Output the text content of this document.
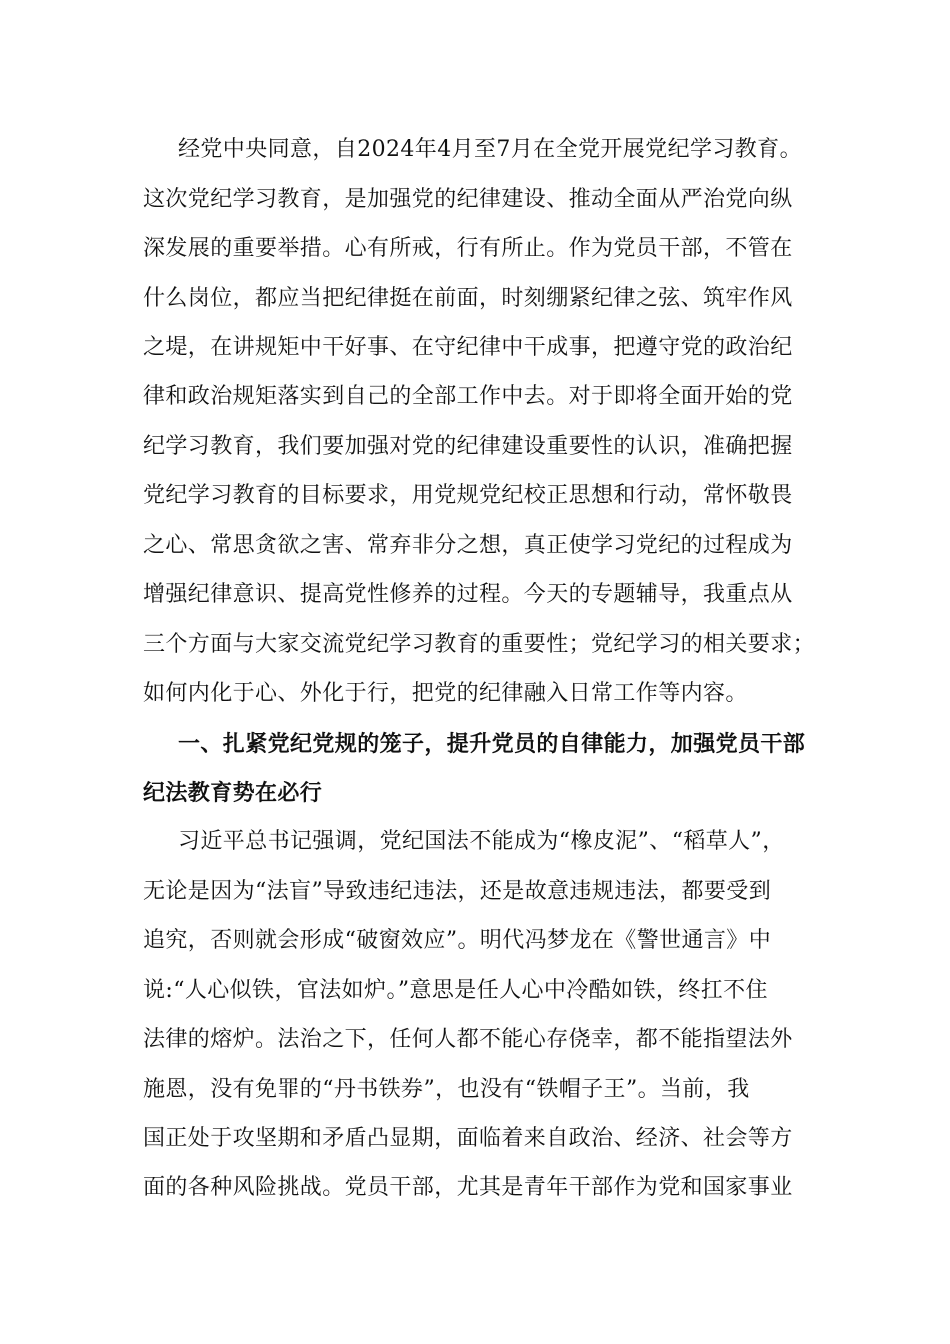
经党中央同意，自2024年4月至7月在全党开展党纪学习教育。
这次党纪学习教育，是加强党的纪律建设、推动全面从严治党向纵
深发展的重要举措。心有所戒，行有所止。作为党员干部，不管在
什么岗位，都应当把纪律挺在前面，时刻绷紧纪律之弦、筑牢作风
之堤，在讲规矩中干好事、在守纪律中干成事，把遵守党的政治纪
律和政治规矩落实到自己的全部工作中去。对于即将全面开始的党
纪学习教育，我们要加强对党的纪律建设重要性的认识，准确把握
党纪学习教育的目标要求，用党规党纪校正思想和行动，常怀敬畏
之心、常思贪欲之害、常弃非分之想，真正使学习党纪的过程成为
增强纪律意识、提高党性修养的过程。今天的专题辅导，我重点从
三个方面与大家交流党纪学习教育的重要性；党纪学习的相关要求；
如何内化于心、外化于行，把党的纪律融入日常工作等内容。
一、扎紧党纪党规的笼子，提升党员的自律能力，加强党员干部
纪法教育势在必行
习近平总书记强调，党纪国法不能成为“橡皮泥”、“稻草人”，
无论是因为“法盲”导致违纪违法，还是故意违规违法，都要受到
追究，否则就会形成“破窗效应”。明代冯梦龙在《警世通言》中
说:“人心似铁，官法如炉。”意思是任人心中冷酷如铁，终扛不住
法律的熔炉。法治之下，任何人都不能心存侥幸，都不能指望法外
施恩，没有免罪的“丹书铁券”，也没有“铁帽子王”。当前，我
国正处于攻坚期和矛盾凸显期，面临着来自政治、经济、社会等方
面的各种风险挑战。党员干部，尤其是青年干部作为党和国家事业
